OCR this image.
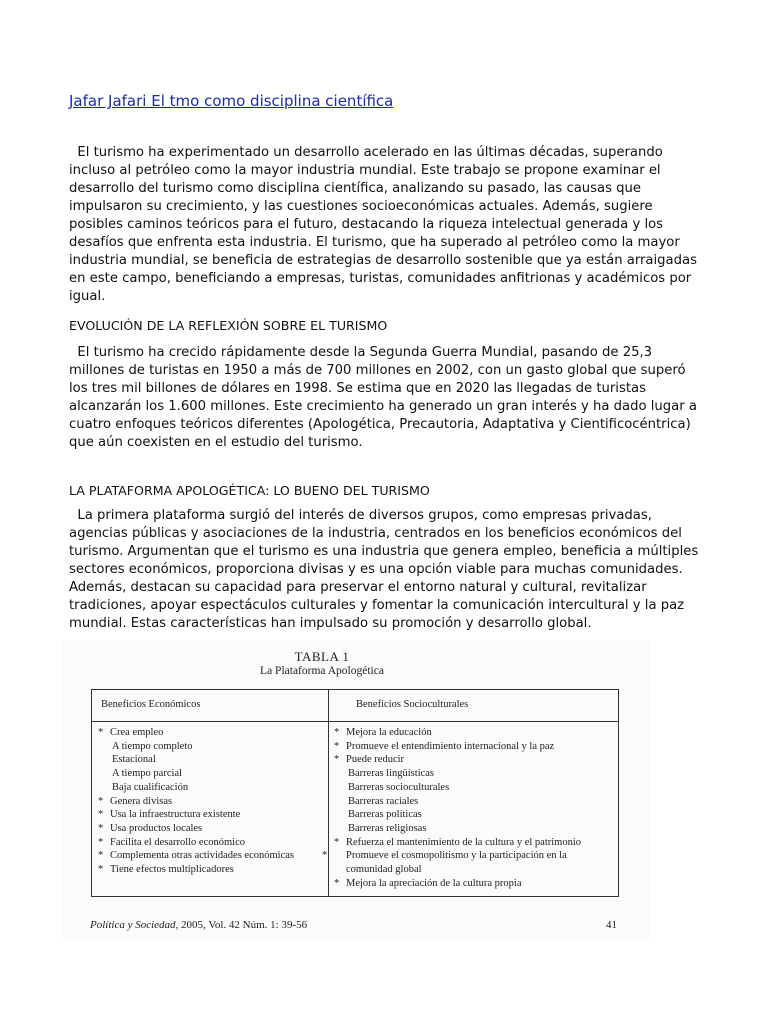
Jafar Jafari El tmo como disciplina científica

El turismo ha experimentado un desarrollo acelerado en las últimas décadas, superando incluso al petróleo como la mayor industria mundial. Este trabajo se propone examinar el desarrollo del turismo como disciplina científica, analizando su pasado, las causas que impulsaron su crecimiento, y las cuestiones socioeconómicas actuales. Además, sugiere posibles caminos teóricos para el futuro, destacando la riqueza intelectual generada y los desafíos que enfrenta esta industria. El turismo, que ha superado al petróleo como la mayor industria mundial, se beneficia de estrategias de desarrollo sostenible que ya están arraigadas en este campo, beneficiando a empresas, turistas, comunidades anfitrionas y académicos por igual.

EVOLUCIÓN DE LA REFLEXIÓN SOBRE EL TURISMO

El turismo ha crecido rápidamente desde la Segunda Guerra Mundial, pasando de 25,3 millones de turistas en 1950 a más de 700 millones en 2002, con un gasto global que superó los tres mil billones de dólares en 1998. Se estima que en 2020 las llegadas de turistas alcanzarán los 1.600 millones. Este crecimiento ha generado un gran interés y ha dado lugar a cuatro enfoques teóricos diferentes (Apologética, Precautoria, Adaptativa y Cientificocéntrica) que aún coexisten en el estudio del turismo.

LA PLATAFORMA APOLOGÉTICA: LO BUENO DEL TURISMO

La primera plataforma surgió del interés de diversos grupos, como empresas privadas, agencias públicas y asociaciones de la industria, centrados en los beneficios económicos del turismo. Argumentan que el turismo es una industria que genera empleo, beneficia a múltiples sectores económicos, proporciona divisas y es una opción viable para muchas comunidades. Además, destacan su capacidad para preservar el entorno natural y cultural, revitalizar tradiciones, apoyar espectáculos culturales y fomentar la comunicación intercultural y la paz mundial. Estas características han impulsado su promoción y desarrollo global.

TABLA 1
La Plataforma Apologética
Beneficios Económicos	Beneficios Socioculturales
* Crea empleo
A tiempo completo
Estacional
A tiempo parcial
Baja cualificación
* Genera divisas
* Usa la infraestructura existente
* Usa productos locales
* Facilita el desarrollo económico
* Complementa otras actividades económicas
* Tiene efectos multiplicadores
* Mejora la educación
* Promueve el entendimiento internacional y la paz
* Puede reducir
Barreras lingüísticas
Barreras socioculturales
Barreras raciales
Barreras políticas
Barreras religiosas
* Refuerza el mantenimiento de la cultura y el patrimonio
* Promueve el cosmopolitismo y la participación en la comunidad global
* Mejora la apreciación de la cultura propia
Política y Sociedad, 2005, Vol. 42 Núm. 1: 39-56	41
